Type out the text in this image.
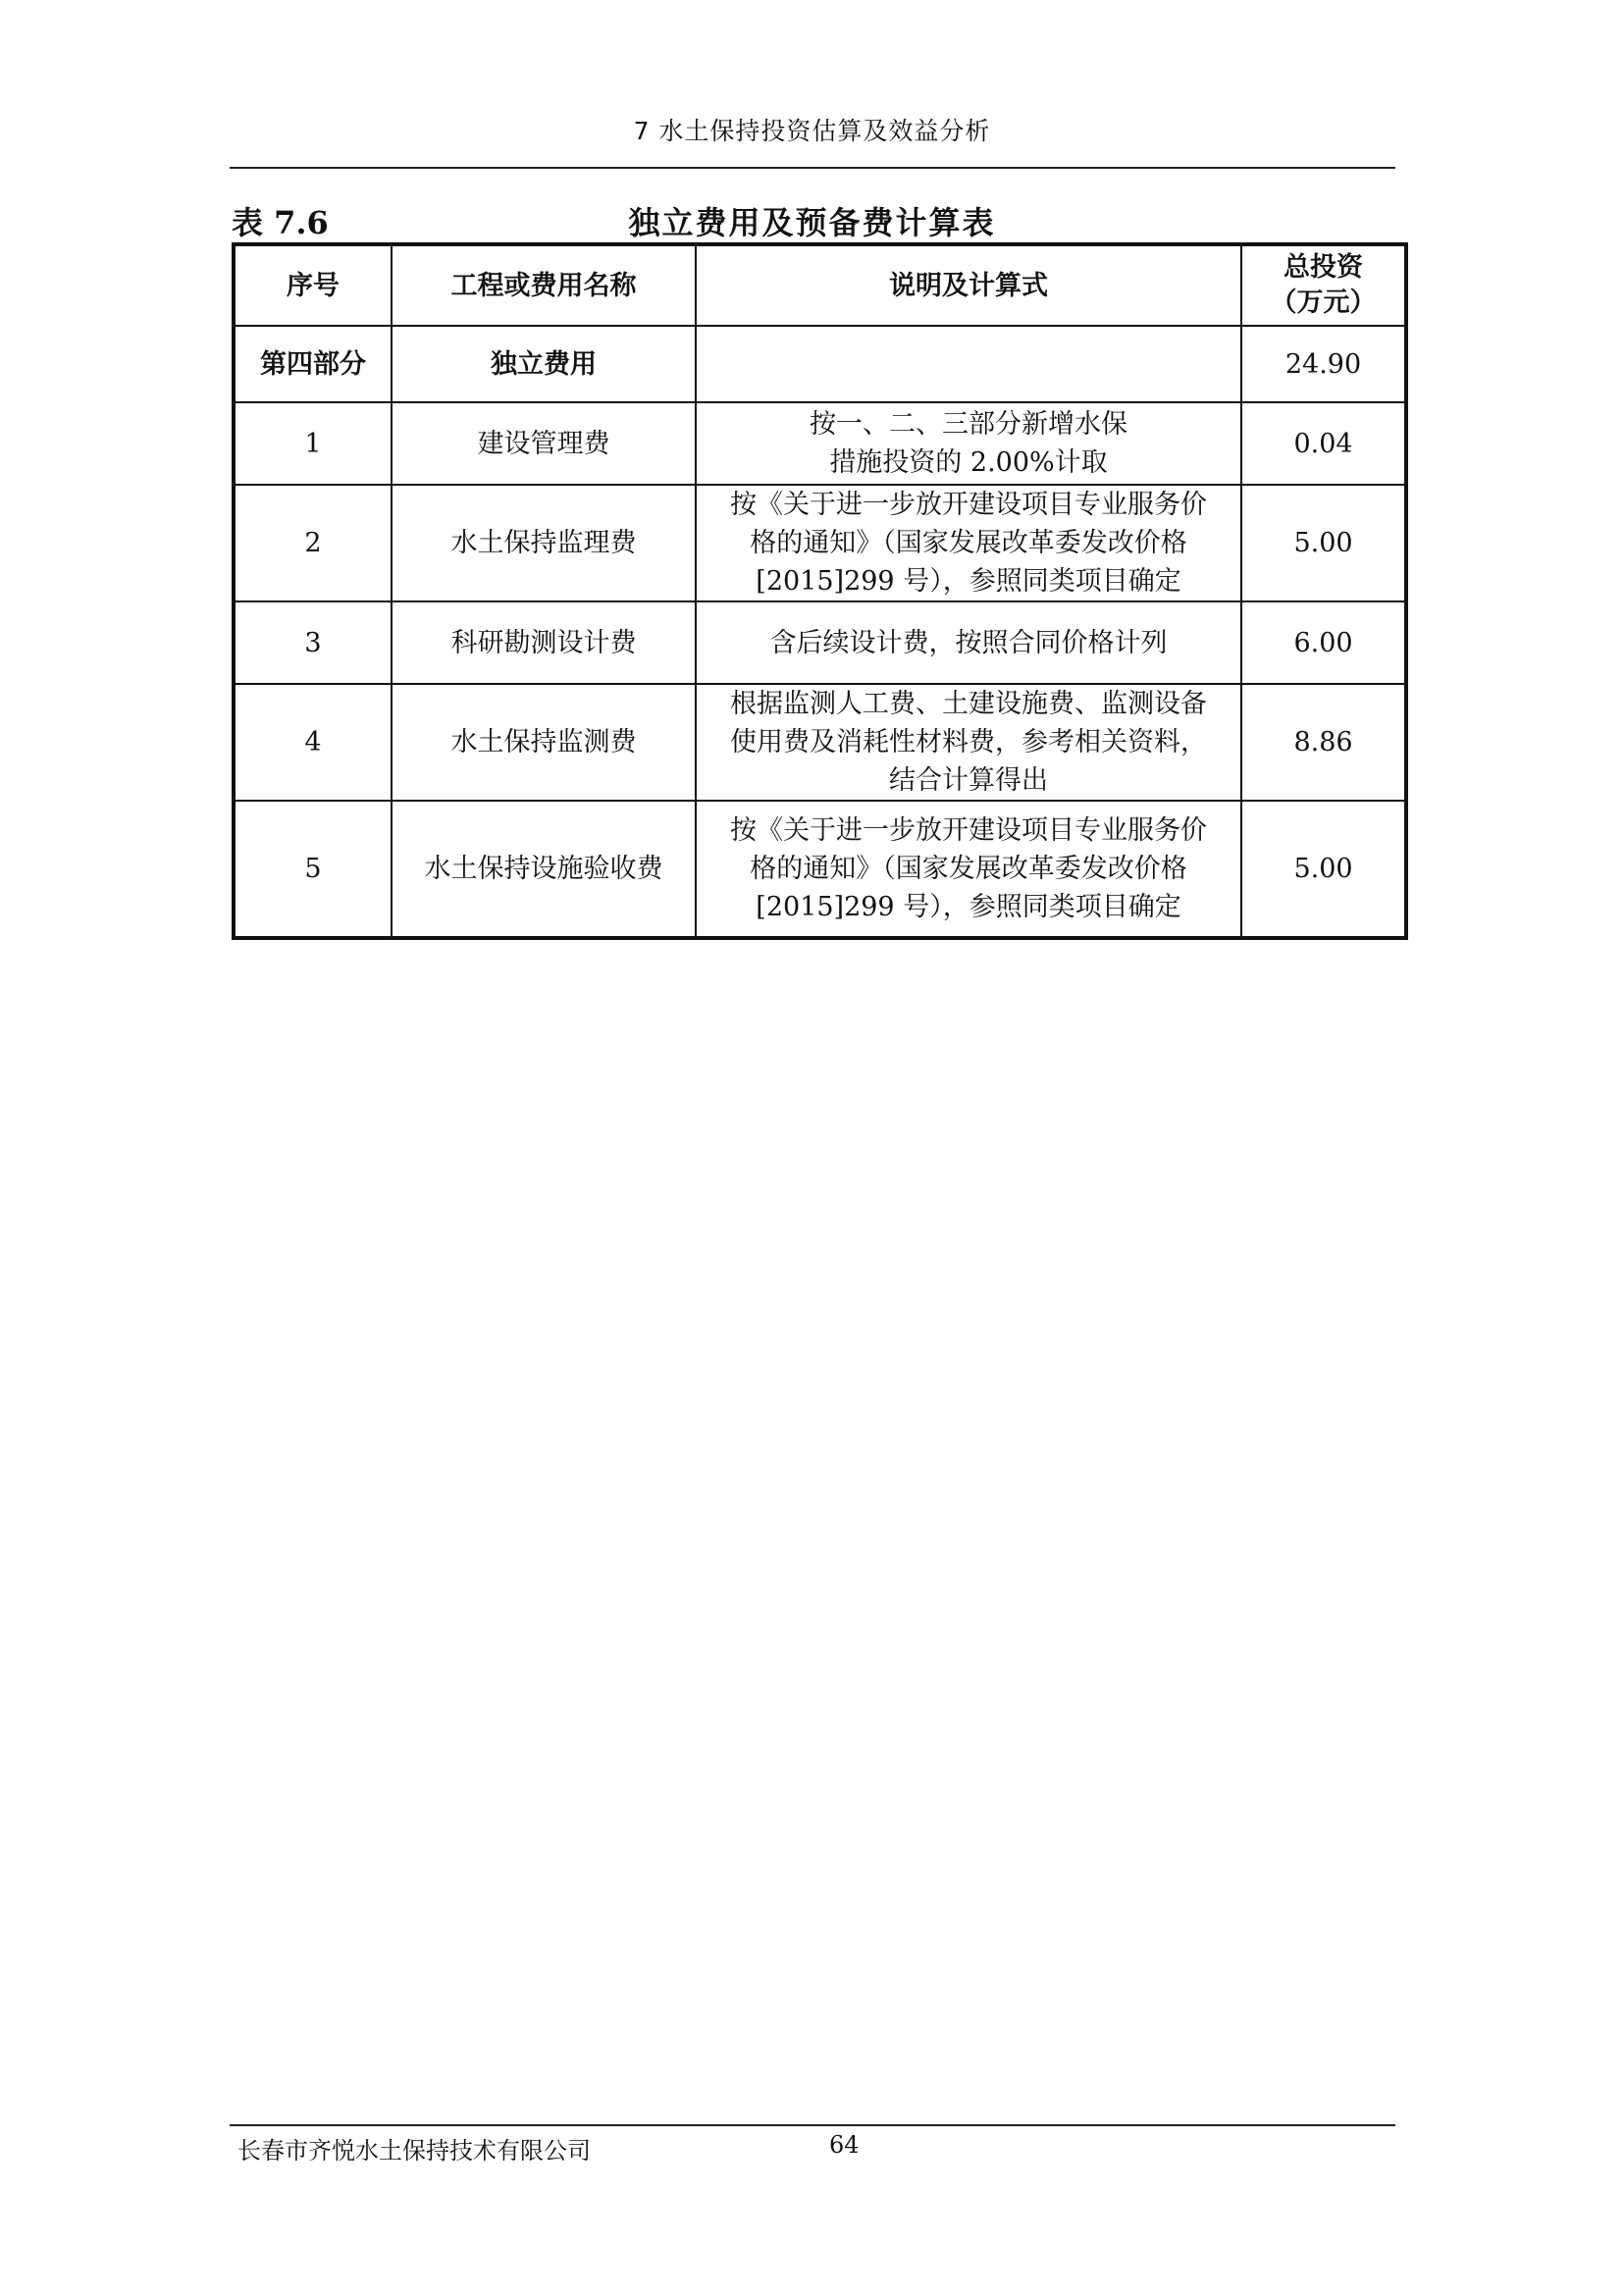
7 水土保持投资估算及效益分析
表 7.6	独立费用及预备费计算表
序号	工程或费用名称	说明及计算式	总投资
（万元）
第四部分	独立费用		24.90
1	建设管理费	按一、二、三部分新增水保
措施投资的 2.00%计取	0.04
2	水土保持监理费	按《关于进一步放开建设项目专业服务价
格的通知》（国家发展改革委发改价格
[2015]299 号），参照同类项目确定	5.00
3	科研勘测设计费	含后续设计费，按照合同价格计列	6.00
4	水土保持监测费	根据监测人工费、土建设施费、监测设备
使用费及消耗性材料费，参考相关资料，
结合计算得出	8.86
5	水土保持设施验收费	按《关于进一步放开建设项目专业服务价
格的通知》（国家发展改革委发改价格
[2015]299 号），参照同类项目确定	5.00
长春市齐悦水土保持技术有限公司	64
